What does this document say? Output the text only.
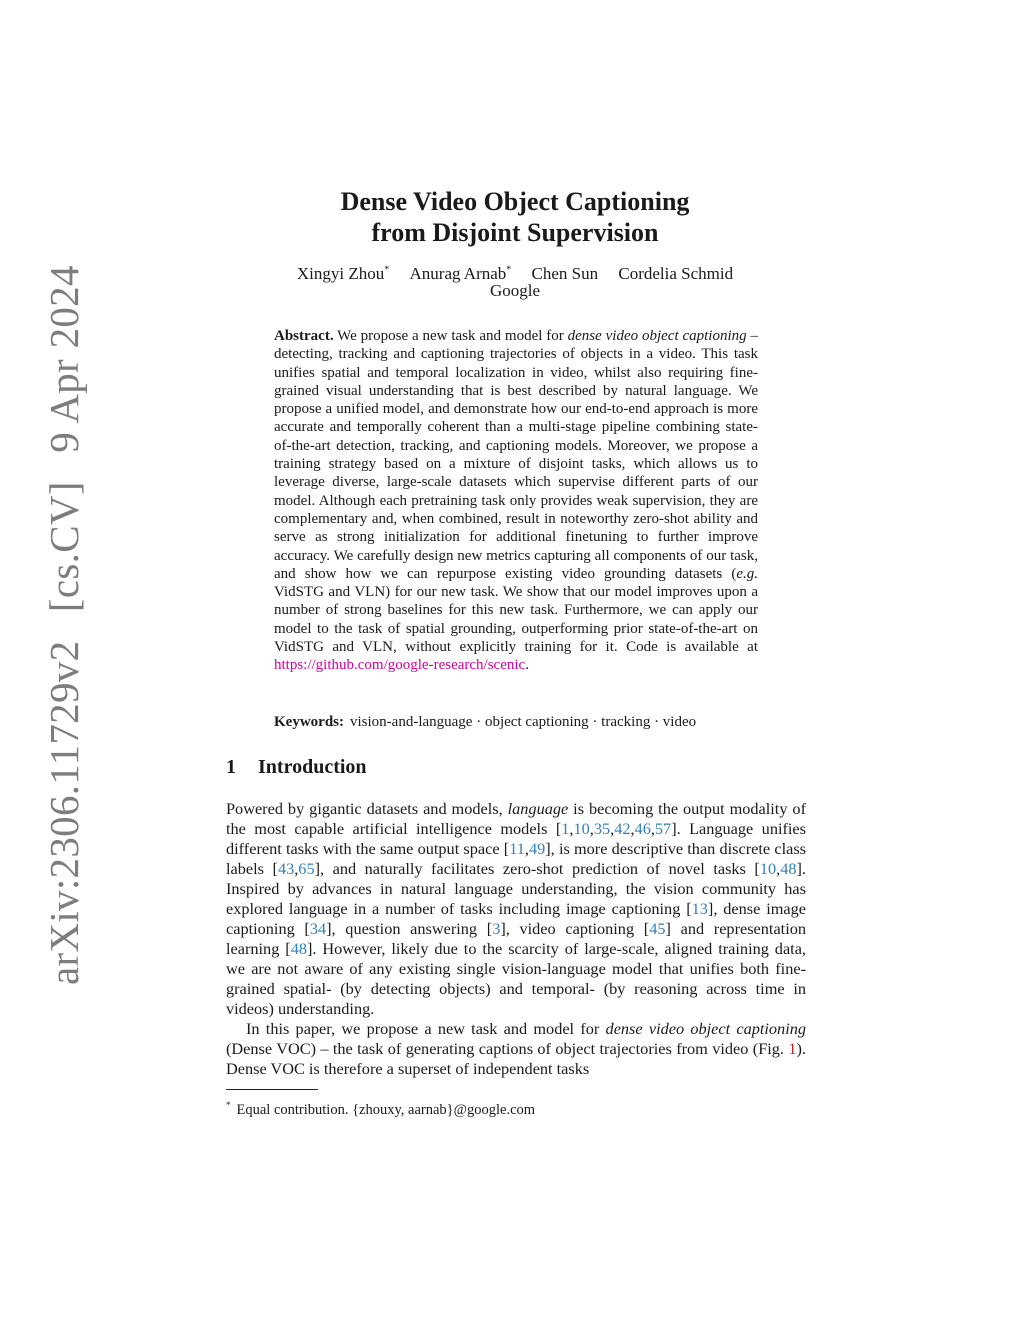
arXiv:2306.11729v2 [cs.CV] 9 Apr 2024
Dense Video Object Captioning
from Disjoint Supervision
Xingyi Zhou* Anurag Arnab* Chen Sun Cordelia Schmid
Google
Abstract. We propose a new task and model for dense video object captioning – detecting, tracking and captioning trajectories of objects in a video. This task unifies spatial and temporal localization in video, whilst also requiring fine-grained visual understanding that is best described by natural language. We propose a unified model, and demonstrate how our end-to-end approach is more accurate and temporally coherent than a multi-stage pipeline combining state-of-the-art detection, tracking, and captioning models. Moreover, we propose a training strategy based on a mixture of disjoint tasks, which allows us to leverage diverse, large-scale datasets which supervise different parts of our model. Although each pretraining task only provides weak supervision, they are complementary and, when combined, result in noteworthy zero-shot ability and serve as strong initialization for additional finetuning to further improve accuracy. We carefully design new metrics capturing all components of our task, and show how we can repurpose existing video grounding datasets (e.g. VidSTG and VLN) for our new task. We show that our model improves upon a number of strong baselines for this new task. Furthermore, we can apply our model to the task of spatial grounding, outperforming prior state-of-the-art on VidSTG and VLN, without explicitly training for it. Code is available at https://github.com/google-research/scenic.
Keywords: vision-and-language · object captioning · tracking · video
1 Introduction

Powered by gigantic datasets and models, language is becoming the output modality of the most capable artificial intelligence models [1,10,35,42,46,57]. Language unifies different tasks with the same output space [11,49], is more descriptive than discrete class labels [43,65], and naturally facilitates zero-shot prediction of novel tasks [10,48]. Inspired by advances in natural language understanding, the vision community has explored language in a number of tasks including image captioning [13], dense image captioning [34], question answering [3], video captioning [45] and representation learning [48]. However, likely due to the scarcity of large-scale, aligned training data, we are not aware of any existing single vision-language model that unifies both fine-grained spatial- (by detecting objects) and temporal- (by reasoning across time in videos) understanding.

In this paper, we propose a new task and model for dense video object captioning (Dense VOC) – the task of generating captions of object trajectories from video (Fig. 1). Dense VOC is therefore a superset of independent tasks

* Equal contribution. {zhouxy, aarnab}@google.com
